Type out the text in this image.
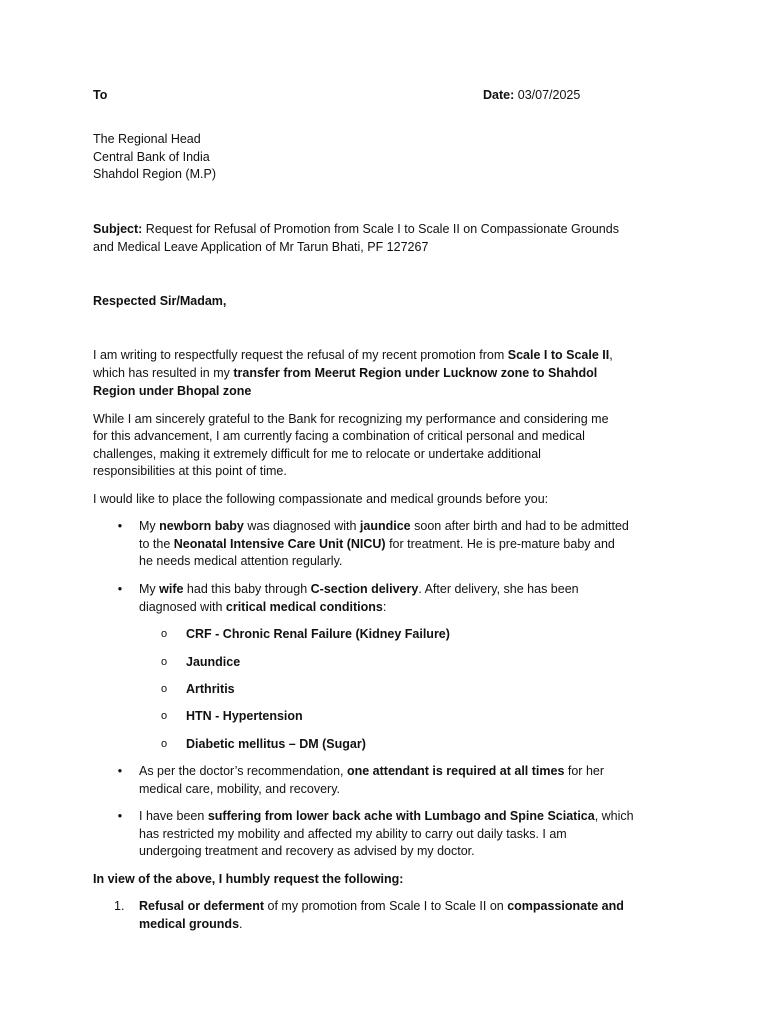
To	Date: 03/07/2025
The Regional Head
Central Bank of India
Shahdol Region (M.P)
Subject: Request for Refusal of Promotion from Scale I to Scale II on Compassionate Grounds
and Medical Leave Application of Mr Tarun Bhati, PF 127267
Respected Sir/Madam,
I am writing to respectfully request the refusal of my recent promotion from Scale I to Scale II,
which has resulted in my transfer from Meerut Region under Lucknow zone to Shahdol
Region under Bhopal zone
While I am sincerely grateful to the Bank for recognizing my performance and considering me
for this advancement, I am currently facing a combination of critical personal and medical
challenges, making it extremely difficult for me to relocate or undertake additional
responsibilities at this point of time.
I would like to place the following compassionate and medical grounds before you:
• My newborn baby was diagnosed with jaundice soon after birth and had to be admitted
to the Neonatal Intensive Care Unit (NICU) for treatment. He is pre-mature baby and
he needs medical attention regularly.
• My wife had this baby through C-section delivery. After delivery, she has been
diagnosed with critical medical conditions:
o CRF - Chronic Renal Failure (Kidney Failure)
o Jaundice
o Arthritis
o HTN - Hypertension
o Diabetic mellitus – DM (Sugar)
• As per the doctor’s recommendation, one attendant is required at all times for her
medical care, mobility, and recovery.
• I have been suffering from lower back ache with Lumbago and Spine Sciatica, which
has restricted my mobility and affected my ability to carry out daily tasks. I am
undergoing treatment and recovery as advised by my doctor.
In view of the above, I humbly request the following:
1. Refusal or deferment of my promotion from Scale I to Scale II on compassionate and
medical grounds.
